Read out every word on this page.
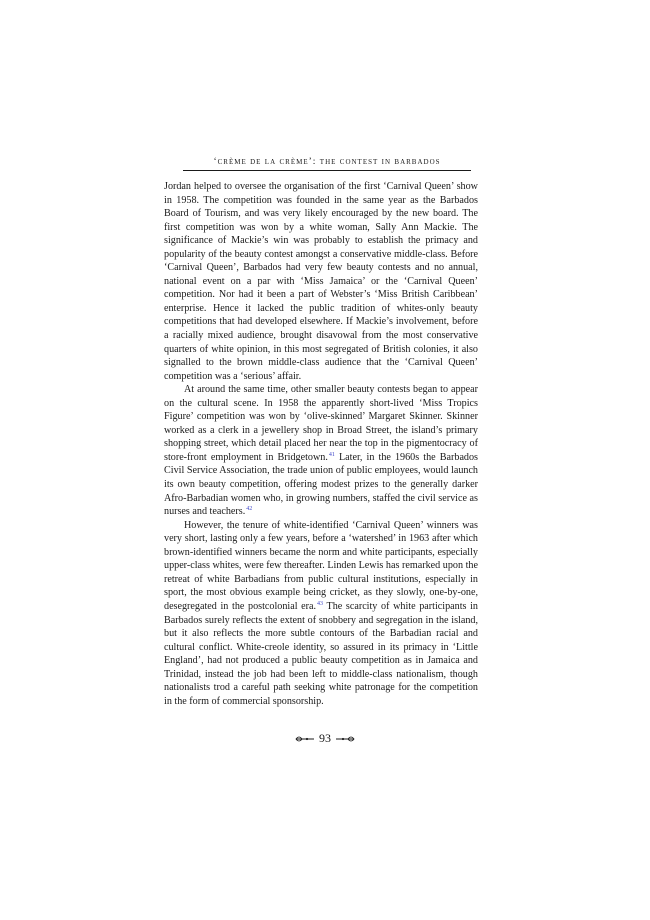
‘crème de la crème’: the contest in barbados

Jordan helped to oversee the organisation of the first ‘Carnival Queen’ show in 1958. The competition was founded in the same year as the Barbados Board of Tourism, and was very likely encouraged by the new board. The first competition was won by a white woman, Sally Ann Mackie. The significance of Mackie’s win was probably to establish the primacy and popularity of the beauty contest amongst a conservative middle-class. Before ‘Carnival Queen’, Barbados had very few beauty contests and no annual, national event on a par with ‘Miss Jamaica’ or the ‘Carnival Queen’ competition. Nor had it been a part of Webster’s ‘Miss British Caribbean’ enterprise. Hence it lacked the public tradition of whites-only beauty competitions that had developed elsewhere. If Mackie’s involvement, before a racially mixed audience, brought disavowal from the most conservative quarters of white opinion, in this most segregated of British colonies, it also signalled to the brown middle-class audience that the ‘Carnival Queen’ competition was a ‘serious’ affair.

At around the same time, other smaller beauty contests began to appear on the cultural scene. In 1958 the apparently short-lived ‘Miss Tropics Figure’ competition was won by ‘olive-skinned’ Margaret Skinner. Skinner worked as a clerk in a jewellery shop in Broad Street, the island’s primary shopping street, which detail placed her near the top in the pigmentocracy of store-front employment in Bridgetown.$^{41}$ Later, in the 1960s the Barbados Civil Service Association, the trade union of public employees, would launch its own beauty competition, offering modest prizes to the generally darker Afro-Barbadian women who, in growing numbers, staffed the civil service as nurses and teachers.$^{42}$

However, the tenure of white-identified ‘Carnival Queen’ winners was very short, lasting only a few years, before a ‘watershed’ in 1963 after which brown-identified winners became the norm and white participants, especially upper-class whites, were few thereafter. Linden Lewis has remarked upon the retreat of white Barbadians from public cultural institutions, especially in sport, the most obvious example being cricket, as they slowly, one-by-one, desegregated in the postcolonial era.$^{43}$ The scarcity of white participants in Barbados surely reflects the extent of snobbery and segregation in the island, but it also reflects the more subtle contours of the Barbadian racial and cultural conflict. White-creole identity, so assured in its primacy in ‘Little England’, had not produced a public beauty competition as in Jamaica and Trinidad, instead the job had been left to middle-class nationalism, though nationalists trod a careful path seeking white patronage for the competition in the form of commercial sponsorship.

93
